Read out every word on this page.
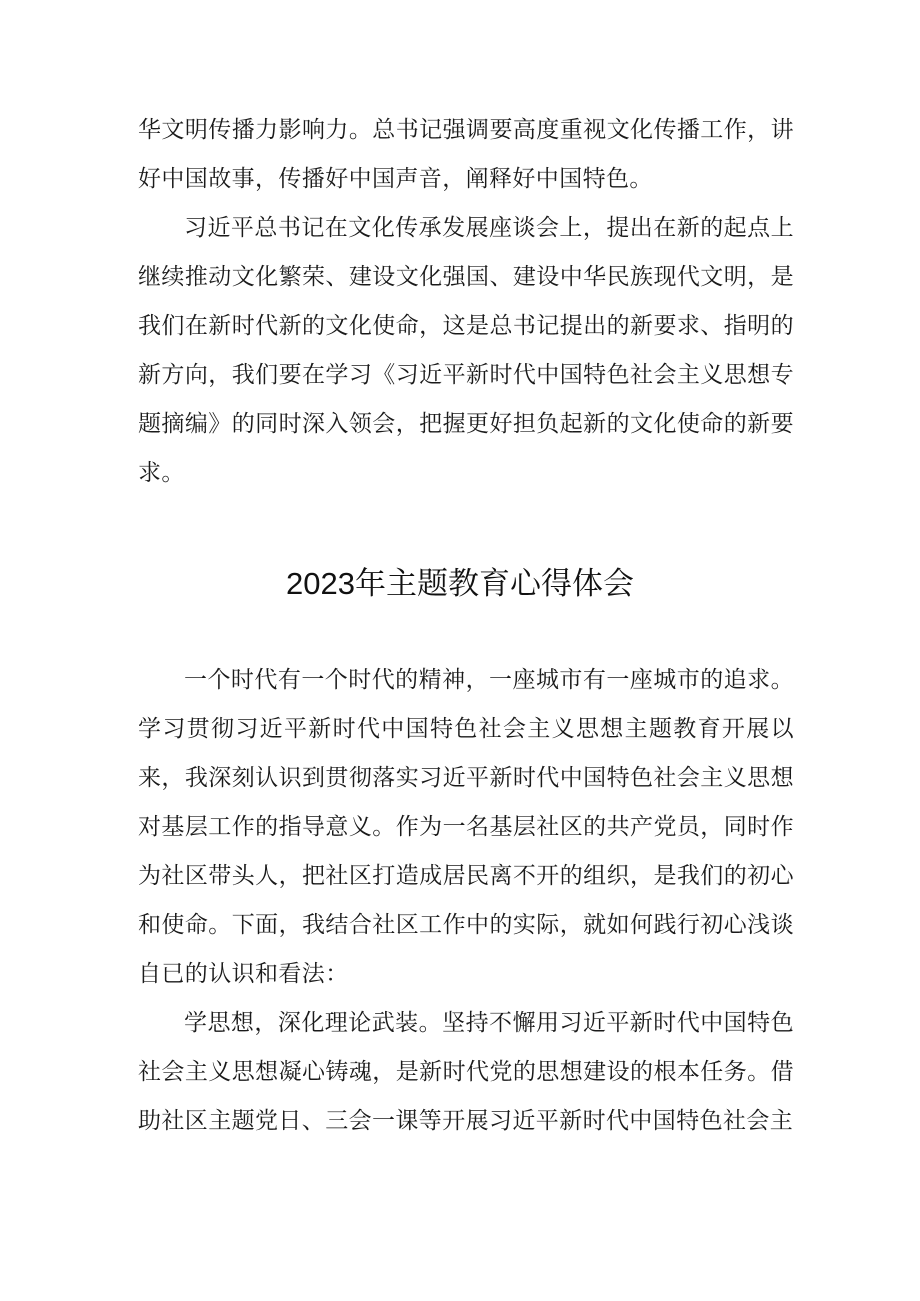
华文明传播力影响力。总书记强调要高度重视文化传播工作，讲好中国故事，传播好中国声音，阐释好中国特色。

习近平总书记在文化传承发展座谈会上，提出在新的起点上继续推动文化繁荣、建设文化强国、建设中华民族现代文明，是我们在新时代新的文化使命，这是总书记提出的新要求、指明的新方向，我们要在学习《习近平新时代中国特色社会主义思想专题摘编》的同时深入领会，把握更好担负起新的文化使命的新要求。

2023年主题教育心得体会

一个时代有一个时代的精神，一座城市有一座城市的追求。学习贯彻习近平新时代中国特色社会主义思想主题教育开展以来，我深刻认识到贯彻落实习近平新时代中国特色社会主义思想对基层工作的指导意义。作为一名基层社区的共产党员，同时作为社区带头人，把社区打造成居民离不开的组织，是我们的初心和使命。下面，我结合社区工作中的实际，就如何践行初心浅谈自已的认识和看法：

学思想，深化理论武装。坚持不懈用习近平新时代中国特色社会主义思想凝心铸魂，是新时代党的思想建设的根本任务。借助社区主题党日、三会一课等开展习近平新时代中国特色社会主
